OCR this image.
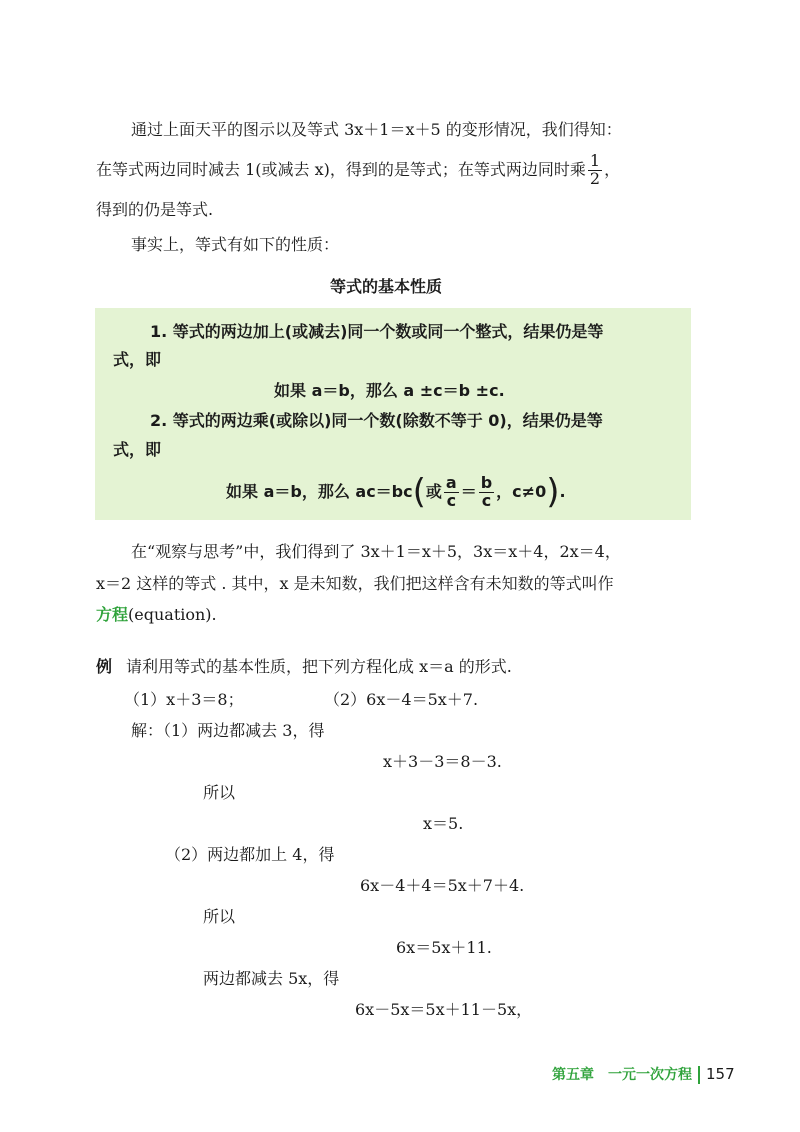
通过上面天平的图示以及等式 3x＋1＝x＋5 的变形情况，我们得知：
在等式两边同时减去 1(或减去 x)，得到的是等式；在等式两边同时乘 $\frac{1}{2}$ ，
得到的仍是等式.
事实上，等式有如下的性质：
等式的基本性质
1. 等式的两边加上(或减去)同一个数或同一个整式，结果仍是等
式，即
如果 a＝b，那么 a ±c＝b ±c.
2. 等式的两边乘(或除以)同一个数(除数不等于 0)，结果仍是等
式，即
如果 a＝b，那么 ac＝bc(或 $\frac{a}{c} = \frac{b}{c}$ ，c≠0).
在“观察与思考”中，我们得到了 3x＋1＝x＋5，3x＝x＋4，2x＝4，
x＝2 这样的等式 . 其中，x 是未知数，我们把这样含有未知数的等式叫作
方程(equation).
例 请利用等式的基本性质，把下列方程化成 x＝a 的形式.
（1）x＋3＝8；	（2）6x－4＝5x＋7.
解：（1）两边都减去 3，得
x＋3－3＝8－3.
所以
x＝5.
（2）两边都加上 4，得
6x－4＋4＝5x＋7＋4.
所以
6x＝5x＋11.
两边都减去 5x，得
6x－5x＝5x＋11－5x，
第五章　一元一次方程 157
